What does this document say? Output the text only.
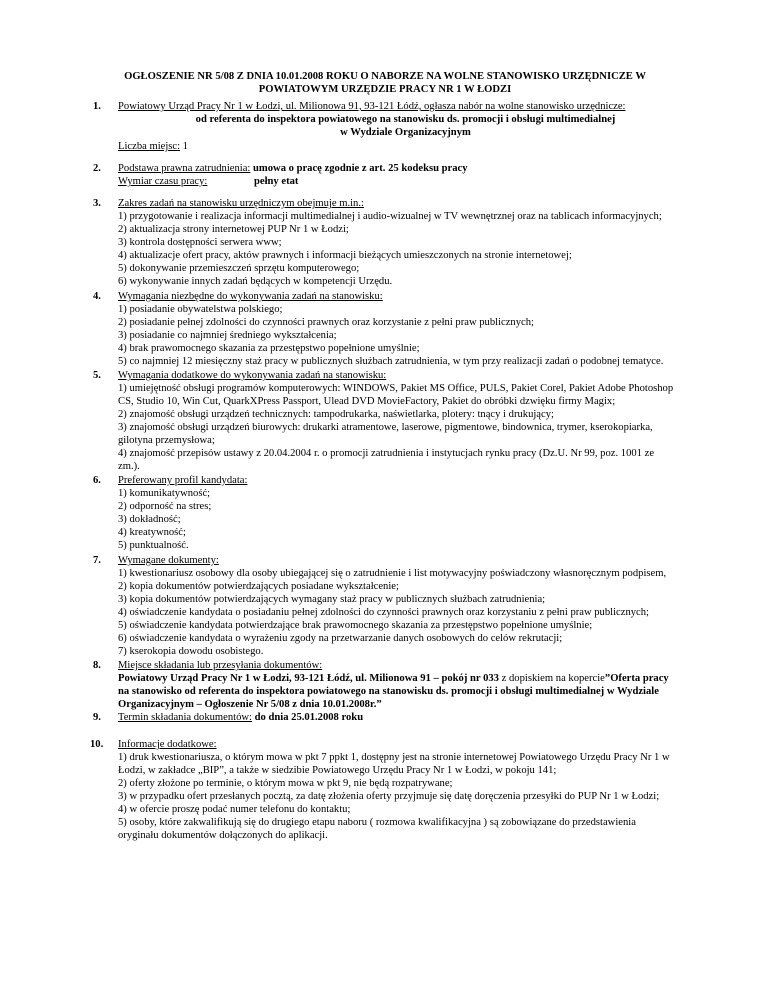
OGŁOSZENIE NR 5/08 Z DNIA 10.01.2008 ROKU O NABORZE NA WOLNE STANOWISKO URZĘDNICZE W
POWIATOWYM URZĘDZIE PRACY NR 1 W ŁODZI
1. Powiatowy Urząd Pracy Nr 1 w Łodzi, ul. Milionowa 91, 93-121 Łódź, ogłasza nabór na wolne stanowisko urzędnicze:
od referenta do inspektora powiatowego na stanowisku ds. promocji i obsługi multimedialnej
w Wydziale Organizacyjnym
Liczba miejsc: 1
2. Podstawa prawna zatrudnienia: umowa o pracę zgodnie z art. 25 kodeksu pracy
Wymiar czasu pracy:	pełny etat
3. Zakres zadań na stanowisku urzędniczym obejmuje m.in.:
1) przygotowanie i realizacja informacji multimedialnej i audio-wizualnej w TV wewnętrznej oraz na tablicach informacyjnych;
2) aktualizacja strony internetowej PUP Nr 1 w Łodzi;
3) kontrola dostępności serwera www;
4) aktualizacje ofert pracy, aktów prawnych i informacji bieżących umieszczonych na stronie internetowej;
5) dokonywanie przemieszczeń sprzętu komputerowego;
6) wykonywanie innych zadań będących w kompetencji Urzędu.
4. Wymagania niezbędne do wykonywania zadań na stanowisku:
1) posiadanie obywatelstwa polskiego;
2) posiadanie pełnej zdolności do czynności prawnych oraz korzystanie z pełni praw publicznych;
3) posiadanie co najmniej średniego wykształcenia;
4) brak prawomocnego skazania za przestępstwo popełnione umyślnie;
5) co najmniej 12 miesięczny staż pracy w publicznych służbach zatrudnienia, w tym przy realizacji zadań o podobnej tematyce.
5. Wymagania dodatkowe do wykonywania zadań na stanowisku:
1) umiejętność obsługi programów komputerowych: WINDOWS, Pakiet MS Office, PULS, Pakiet Corel, Pakiet Adobe Photoshop
CS, Studio 10, Win Cut, QuarkXPress Passport, Ulead DVD MovieFactory, Pakiet do obróbki dzwięku firmy Magix;
2) znajomość obsługi urządzeń technicznych: tampodrukarka, naświetlarka, plotery: tnący i drukujący;
3) znajomość obsługi urządzeń biurowych: drukarki atramentowe, laserowe, pigmentowe, bindownica, trymer, kserokopiarka,
gilotyna przemysłowa;
4) znajomość przepisów ustawy z 20.04.2004 r. o promocji zatrudnienia i instytucjach rynku pracy (Dz.U. Nr 99, poz. 1001 ze
zm.).
6. Preferowany profil kandydata:
1) komunikatywność;
2) odporność na stres;
3) dokładność;
4) kreatywność;
5) punktualność.
7. Wymagane dokumenty:
1) kwestionariusz osobowy dla osoby ubiegającej się o zatrudnienie i list motywacyjny poświadczony własnoręcznym podpisem,
2) kopia dokumentów potwierdzających posiadane wykształcenie;
3) kopia dokumentów potwierdzających wymagany staż pracy w publicznych służbach zatrudnienia;
4) oświadczenie kandydata o posiadaniu pełnej zdolności do czynności prawnych oraz korzystaniu z pełni praw publicznych;
5) oświadczenie kandydata potwierdzające brak prawomocnego skazania za przestępstwo popełnione umyślnie;
6) oświadczenie kandydata o wyrażeniu zgody na przetwarzanie danych osobowych do celów rekrutacji;
7) kserokopia dowodu osobistego.
8. Miejsce składania lub przesyłania dokumentów:
Powiatowy Urząd Pracy Nr 1 w Łodzi, 93-121 Łódź, ul. Milionowa 91 – pokój nr 033 z dopiskiem na kopercie”Oferta pracy
na stanowisko od referenta do inspektora powiatowego na stanowisku ds. promocji i obsługi multimedialnej w Wydziale
Organizacyjnym – Ogłoszenie Nr 5/08 z dnia 10.01.2008r.”
9. Termin składania dokumentów: do dnia 25.01.2008 roku
10. Informacje dodatkowe:
1) druk kwestionariusza, o którym mowa w pkt 7 ppkt 1, dostępny jest na stronie internetowej Powiatowego Urzędu Pracy Nr 1 w
Łodzi, w zakładce „BIP”, a także w siedzibie Powiatowego Urzędu Pracy Nr 1 w Łodzi, w pokoju 141;
2) oferty złożone po terminie, o którym mowa w pkt 9, nie będą rozpatrywane;
3) w przypadku ofert przesłanych pocztą, za datę złożenia oferty przyjmuje się datę doręczenia przesyłki do PUP Nr 1 w Łodzi;
4) w ofercie proszę podać numer telefonu do kontaktu;
5) osoby, które zakwalifikują się do drugiego etapu naboru ( rozmowa kwalifikacyjna ) są zobowiązane do przedstawienia
oryginału dokumentów dołączonych do aplikacji.
